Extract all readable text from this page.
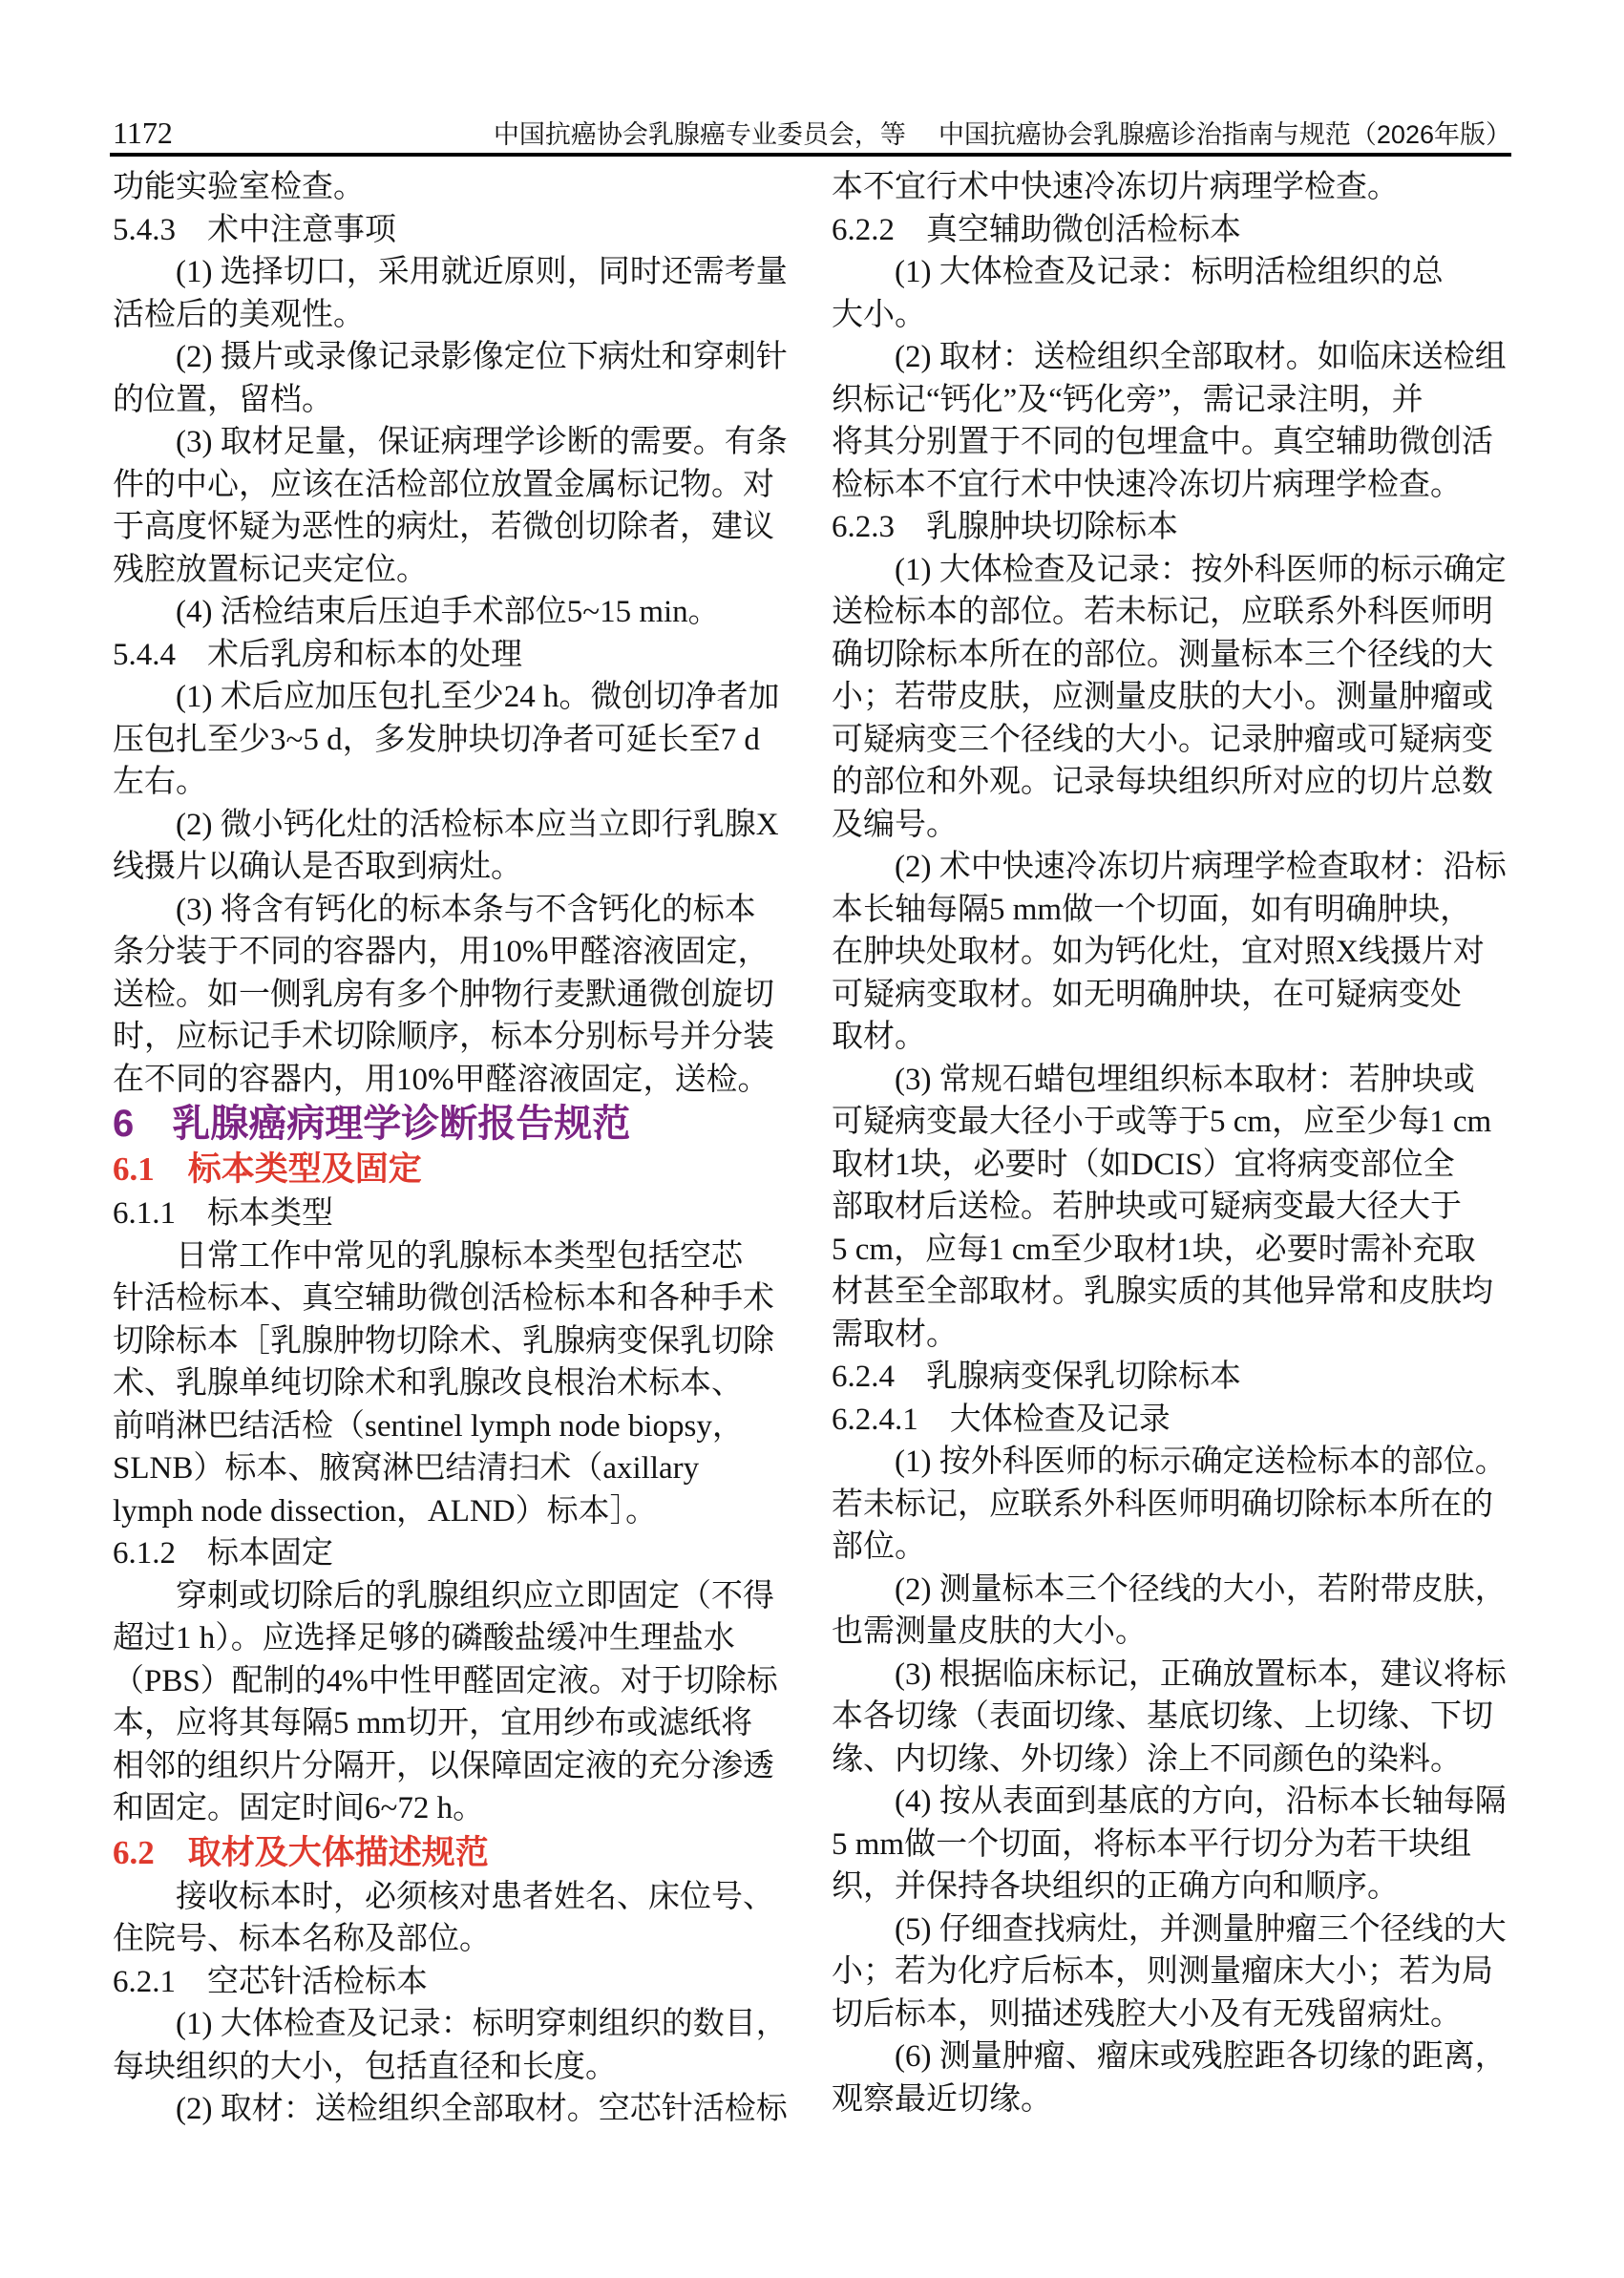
1172	中国抗癌协会乳腺癌专业委员会，等 中国抗癌协会乳腺癌诊治指南与规范（2026年版）
功能实验室检查。
5.4.3　术中注意事项
(1) 选择切口，采用就近原则，同时还需考量
活检后的美观性。
(2) 摄片或录像记录影像定位下病灶和穿刺针
的位置，留档。
(3) 取材足量，保证病理学诊断的需要。有条
件的中心，应该在活检部位放置金属标记物。对
于高度怀疑为恶性的病灶，若微创切除者，建议
残腔放置标记夹定位。
(4) 活检结束后压迫手术部位5~15 min。
5.4.4　术后乳房和标本的处理
(1) 术后应加压包扎至少24 h。微创切净者加
压包扎至少3~5 d，多发肿块切净者可延长至7 d
左右。
(2) 微小钙化灶的活检标本应当立即行乳腺X
线摄片以确认是否取到病灶。
(3) 将含有钙化的标本条与不含钙化的标本
条分装于不同的容器内，用10%甲醛溶液固定，
送检。如一侧乳房有多个肿物行麦默通微创旋切
时，应标记手术切除顺序，标本分别标号并分装
在不同的容器内，用10%甲醛溶液固定，送检。
6　乳腺癌病理学诊断报告规范
6.1　标本类型及固定
6.1.1　标本类型
日常工作中常见的乳腺标本类型包括空芯
针活检标本、真空辅助微创活检标本和各种手术
切除标本［乳腺肿物切除术、乳腺病变保乳切除
术、乳腺单纯切除术和乳腺改良根治术标本、
前哨淋巴结活检（sentinel lymph node biopsy，
SLNB）标本、腋窝淋巴结清扫术（axillary
lymph node dissection，ALND）标本］。
6.1.2　标本固定
穿刺或切除后的乳腺组织应立即固定（不得
超过1 h）。应选择足够的磷酸盐缓冲生理盐水
（PBS）配制的4%中性甲醛固定液。对于切除标
本，应将其每隔5 mm切开，宜用纱布或滤纸将
相邻的组织片分隔开，以保障固定液的充分渗透
和固定。固定时间6~72 h。
6.2　取材及大体描述规范
接收标本时，必须核对患者姓名、床位号、
住院号、标本名称及部位。
6.2.1　空芯针活检标本
(1) 大体检查及记录：标明穿刺组织的数目，
每块组织的大小，包括直径和长度。
(2) 取材：送检组织全部取材。空芯针活检标
本不宜行术中快速冷冻切片病理学检查。
6.2.2　真空辅助微创活检标本
(1) 大体检查及记录：标明活检组织的总
大小。
(2) 取材：送检组织全部取材。如临床送检组
织标记“钙化”及“钙化旁”，需记录注明，并
将其分别置于不同的包埋盒中。真空辅助微创活
检标本不宜行术中快速冷冻切片病理学检查。
6.2.3　乳腺肿块切除标本
(1) 大体检查及记录：按外科医师的标示确定
送检标本的部位。若未标记，应联系外科医师明
确切除标本所在的部位。测量标本三个径线的大
小；若带皮肤，应测量皮肤的大小。测量肿瘤或
可疑病变三个径线的大小。记录肿瘤或可疑病变
的部位和外观。记录每块组织所对应的切片总数
及编号。
(2) 术中快速冷冻切片病理学检查取材：沿标
本长轴每隔5 mm做一个切面，如有明确肿块，
在肿块处取材。如为钙化灶，宜对照X线摄片对
可疑病变取材。如无明确肿块，在可疑病变处
取材。
(3) 常规石蜡包埋组织标本取材：若肿块或
可疑病变最大径小于或等于5 cm，应至少每1 cm
取材1块，必要时（如DCIS）宜将病变部位全
部取材后送检。若肿块或可疑病变最大径大于
5 cm，应每1 cm至少取材1块，必要时需补充取
材甚至全部取材。乳腺实质的其他异常和皮肤均
需取材。
6.2.4　乳腺病变保乳切除标本
6.2.4.1　大体检查及记录
(1) 按外科医师的标示确定送检标本的部位。
若未标记，应联系外科医师明确切除标本所在的
部位。
(2) 测量标本三个径线的大小，若附带皮肤，
也需测量皮肤的大小。
(3) 根据临床标记，正确放置标本，建议将标
本各切缘（表面切缘、基底切缘、上切缘、下切
缘、内切缘、外切缘）涂上不同颜色的染料。
(4) 按从表面到基底的方向，沿标本长轴每隔
5 mm做一个切面，将标本平行切分为若干块组
织，并保持各块组织的正确方向和顺序。
(5) 仔细查找病灶，并测量肿瘤三个径线的大
小；若为化疗后标本，则测量瘤床大小；若为局
切后标本，则描述残腔大小及有无残留病灶。
(6) 测量肿瘤、瘤床或残腔距各切缘的距离，
观察最近切缘。
